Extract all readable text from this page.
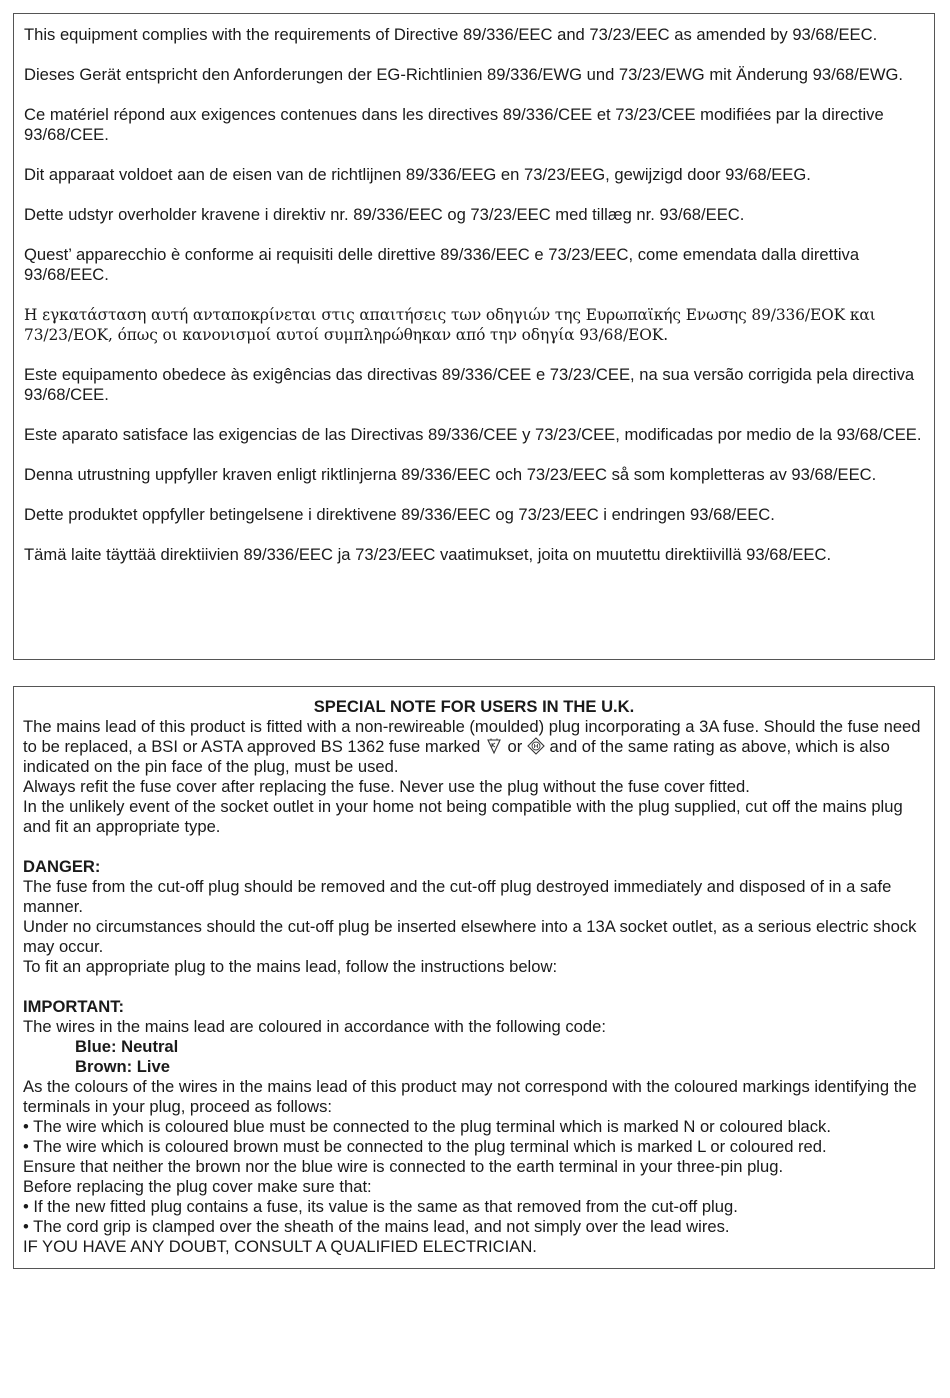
This equipment complies with the requirements of Directive 89/336/EEC and 73/23/EEC as amended by 93/68/EEC.

Dieses Gerät entspricht den Anforderungen der EG-Richtlinien 89/336/EWG und 73/23/EWG mit Änderung 93/68/EWG.

Ce matériel répond aux exigences contenues dans les directives 89/336/CEE et 73/23/CEE modifiées par la directive 93/68/CEE.

Dit apparaat voldoet aan de eisen van de richtlijnen 89/336/EEG en 73/23/EEG, gewijzigd door 93/68/EEG.

Dette udstyr overholder kravene i direktiv nr. 89/336/EEC og 73/23/EEC med tillæg nr. 93/68/EEC.

Quest’ apparecchio è conforme ai requisiti delle direttive 89/336/EEC e 73/23/EEC, come emendata dalla direttiva 93/68/EEC.

Η εγκατάσταση αυτή ανταποκρίνεται στις απαιτήσεις των οδηγιών της Ευρωπαϊκής Ενωσης 89/336/ΕΟΚ και 73/23/ΕΟΚ, όπως οι κανονισμοί αυτοί συμπληρώθηκαν από την οδηγία 93/68/ΕΟΚ.

Este equipamento obedece às exigências das directivas 89/336/CEE e 73/23/CEE, na sua versão corrigida pela directiva 93/68/CEE.

Este aparato satisface las exigencias de las Directivas 89/336/CEE y 73/23/CEE, modificadas por medio de la 93/68/CEE.

Denna utrustning uppfyller kraven enligt riktlinjerna 89/336/EEC och 73/23/EEC så som kompletteras av 93/68/EEC.

Dette produktet oppfyller betingelsene i direktivene 89/336/EEC og 73/23/EEC i endringen 93/68/EEC.

Tämä laite täyttää direktiivien 89/336/EEC ja 73/23/EEC vaatimukset, joita on muutettu direktiivillä 93/68/EEC.

SPECIAL NOTE FOR USERS IN THE U.K.

The mains lead of this product is fitted with a non-rewireable (moulded) plug incorporating a 3A fuse. Should the fuse need to be replaced, a BSI or ASTA approved BS 1362 fuse marked or and of the same rating as above, which is also indicated on the pin face of the plug, must be used.

Always refit the fuse cover after replacing the fuse. Never use the plug without the fuse cover fitted.

In the unlikely event of the socket outlet in your home not being compatible with the plug supplied, cut off the mains plug and fit an appropriate type.

DANGER:

The fuse from the cut-off plug should be removed and the cut-off plug destroyed immediately and disposed of in a safe manner.

Under no circumstances should the cut-off plug be inserted elsewhere into a 13A socket outlet, as a serious electric shock may occur.

To fit an appropriate plug to the mains lead, follow the instructions below:

IMPORTANT:

The wires in the mains lead are coloured in accordance with the following code:

Blue: Neutral

Brown: Live

As the colours of the wires in the mains lead of this product may not correspond with the coloured markings identifying the terminals in your plug, proceed as follows:

• The wire which is coloured blue must be connected to the plug terminal which is marked N or coloured black.

• The wire which is coloured brown must be connected to the plug terminal which is marked L or coloured red.

Ensure that neither the brown nor the blue wire is connected to the earth terminal in your three-pin plug.

Before replacing the plug cover make sure that:

• If the new fitted plug contains a fuse, its value is the same as that removed from the cut-off plug.

• The cord grip is clamped over the sheath of the mains lead, and not simply over the lead wires.

IF YOU HAVE ANY DOUBT, CONSULT A QUALIFIED ELECTRICIAN.
